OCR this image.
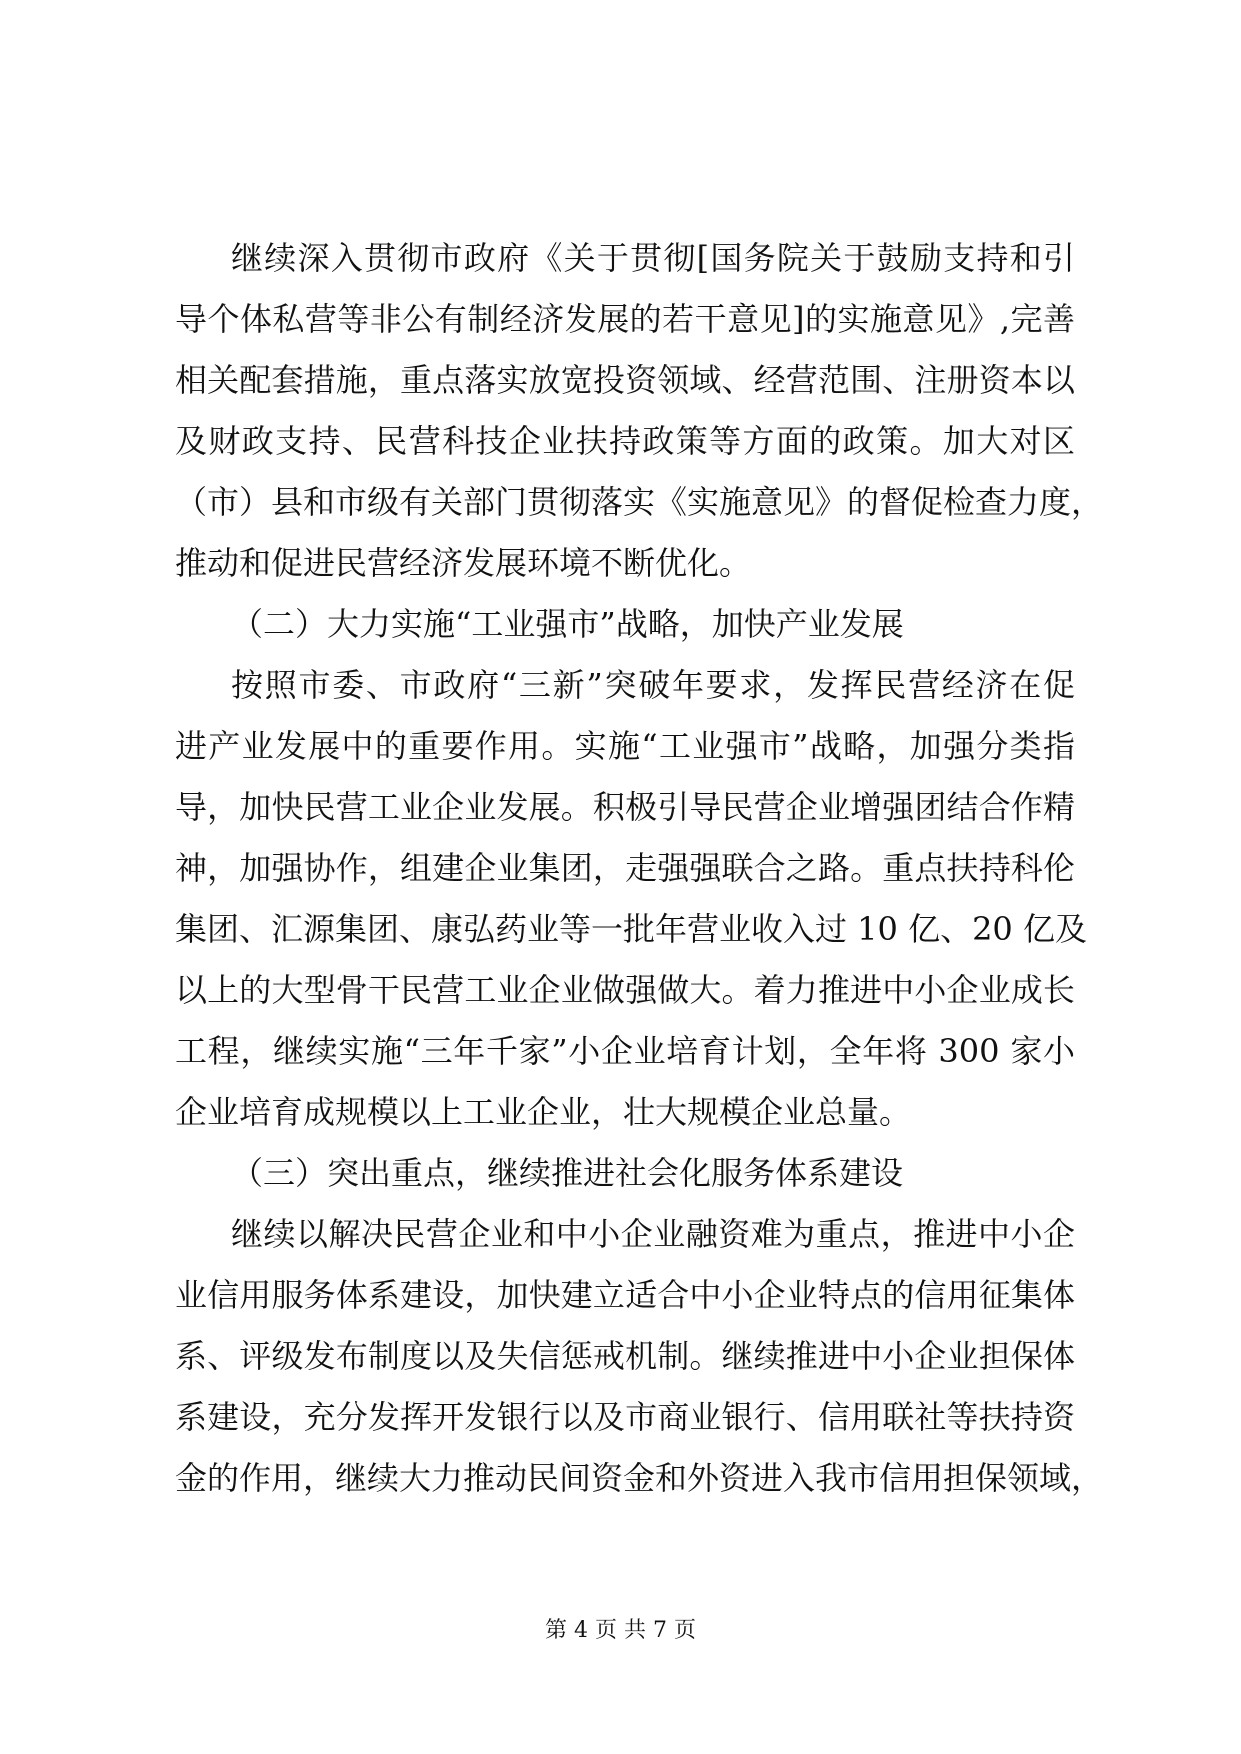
继续深入贯彻市政府《关于贯彻[国务院关于鼓励支持和引
导个体私营等非公有制经济发展的若干意见]的实施意见》,完善
相关配套措施，重点落实放宽投资领域、经营范围、注册资本以
及财政支持、民营科技企业扶持政策等方面的政策。加大对区
（市）县和市级有关部门贯彻落实《实施意见》的督促检查力度，
推动和促进民营经济发展环境不断优化。
（二）大力实施“工业强市”战略，加快产业发展
按照市委、市政府“三新”突破年要求，发挥民营经济在促
进产业发展中的重要作用。实施“工业强市”战略，加强分类指
导，加快民营工业企业发展。积极引导民营企业增强团结合作精
神，加强协作，组建企业集团，走强强联合之路。重点扶持科伦
集团、汇源集团、康弘药业等一批年营业收入过 10 亿、20 亿及
以上的大型骨干民营工业企业做强做大。着力推进中小企业成长
工程，继续实施“三年千家”小企业培育计划，全年将 300 家小
企业培育成规模以上工业企业，壮大规模企业总量。
（三）突出重点，继续推进社会化服务体系建设
继续以解决民营企业和中小企业融资难为重点，推进中小企
业信用服务体系建设，加快建立适合中小企业特点的信用征集体
系、评级发布制度以及失信惩戒机制。继续推进中小企业担保体
系建设，充分发挥开发银行以及市商业银行、信用联社等扶持资
金的作用，继续大力推动民间资金和外资进入我市信用担保领域，
第 4 页 共 7 页
